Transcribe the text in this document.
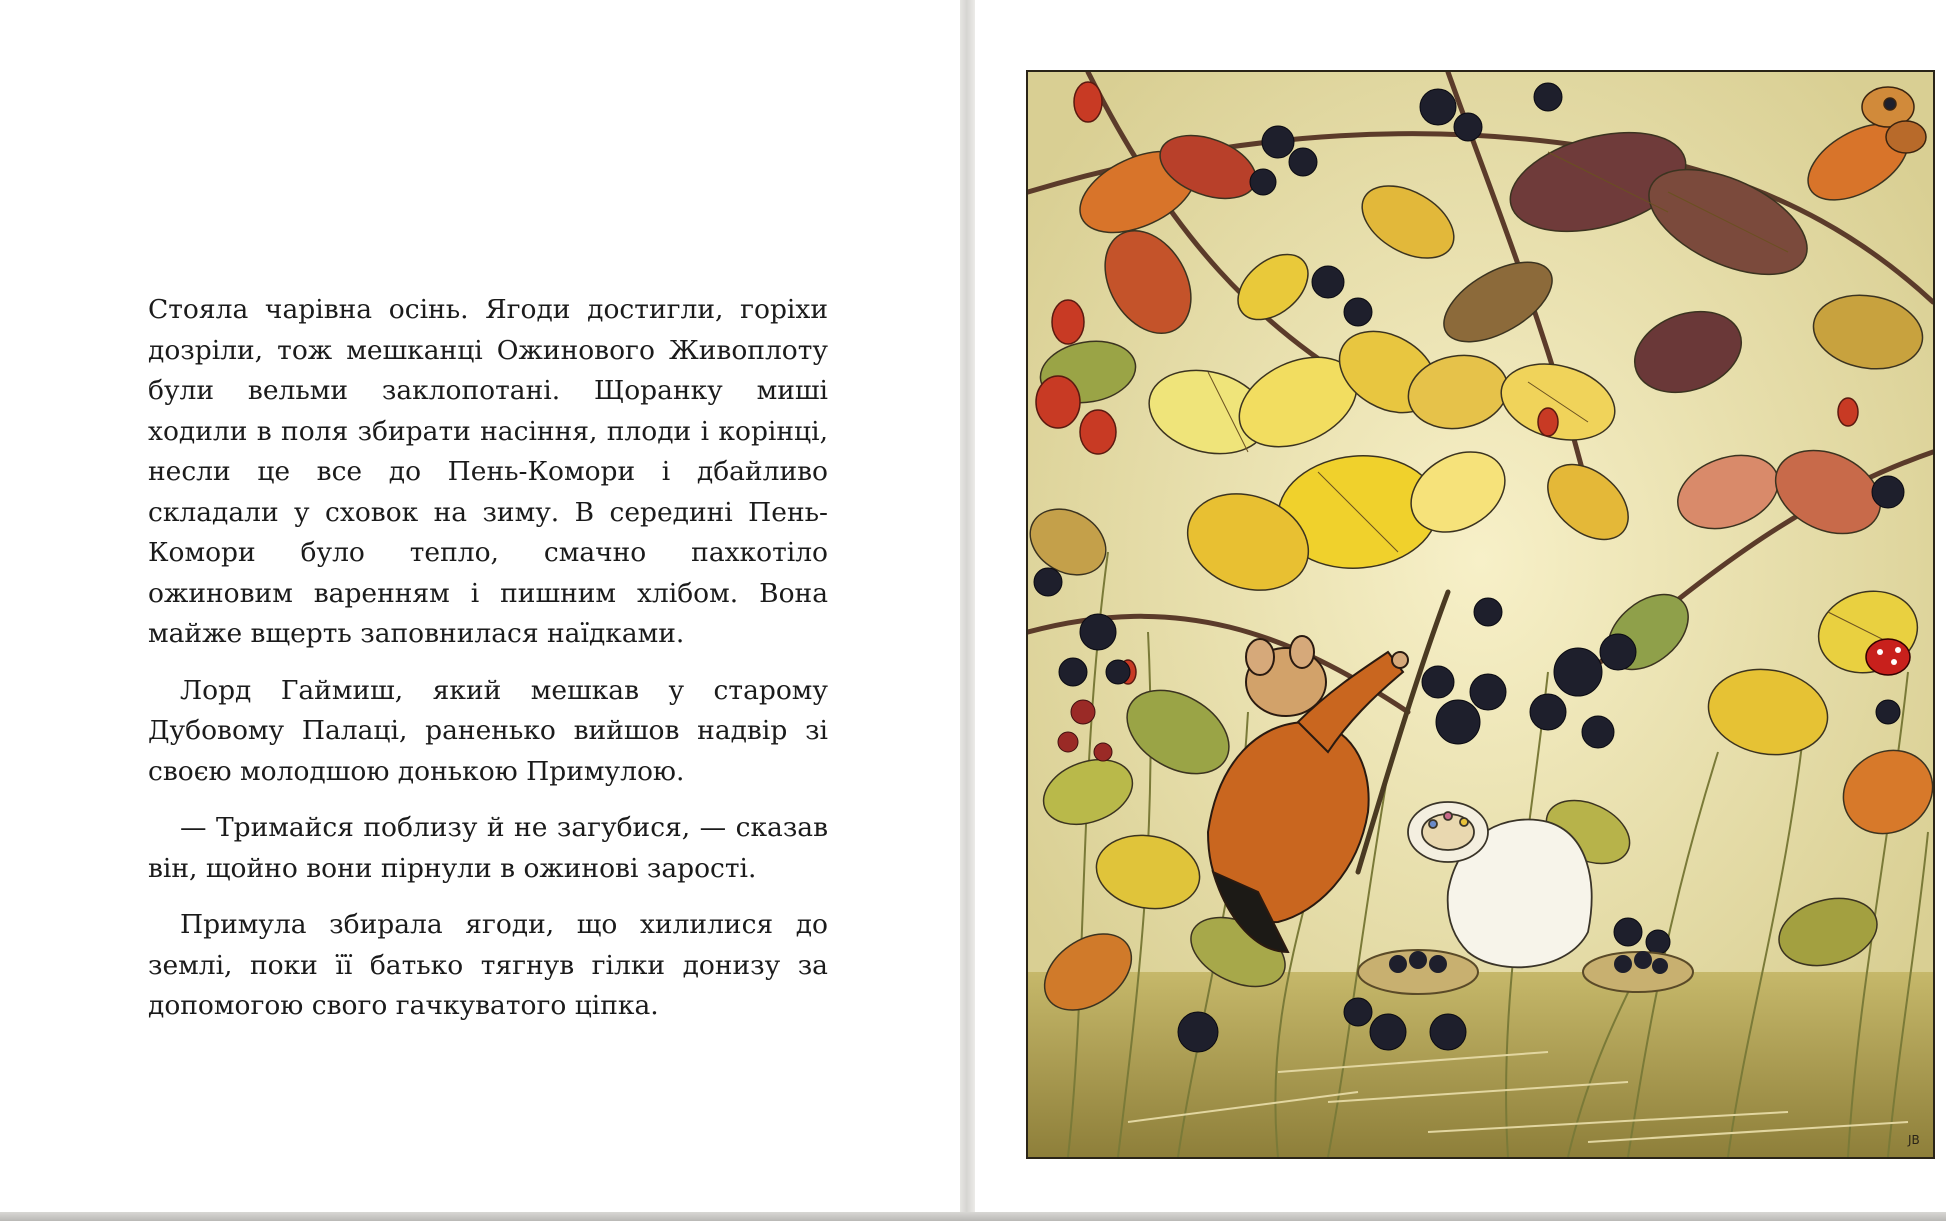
Стояла чарівна осінь. Ягоди достигли, горіхи дозріли, тож мешканці Ожинового Живоплоту були вельми заклопотані. Щоранку миші ходили в поля збирати насіння, плоди і корінці, несли це все до Пень-Комори і дбайливо складали у сховок на зиму. В середині Пень-Комори було тепло, смачно пахкотіло ожиновим варенням і пишним хлібом. Вона майже вщерть заповнилася наїдками.

Лорд Гаймиш, який мешкав у старому Дубовому Палаці, раненько вийшов надвір зі своєю молодшою донькою Примулою.

— Тримайся поблизу й не загубися, — сказав він, щойно вони пірнули в ожинові зарості.

Примула збирала ягоди, що хилилися до землі, поки її батько тягнув гілки донизу за допомогою свого гачкуватого ціпка.

JB
